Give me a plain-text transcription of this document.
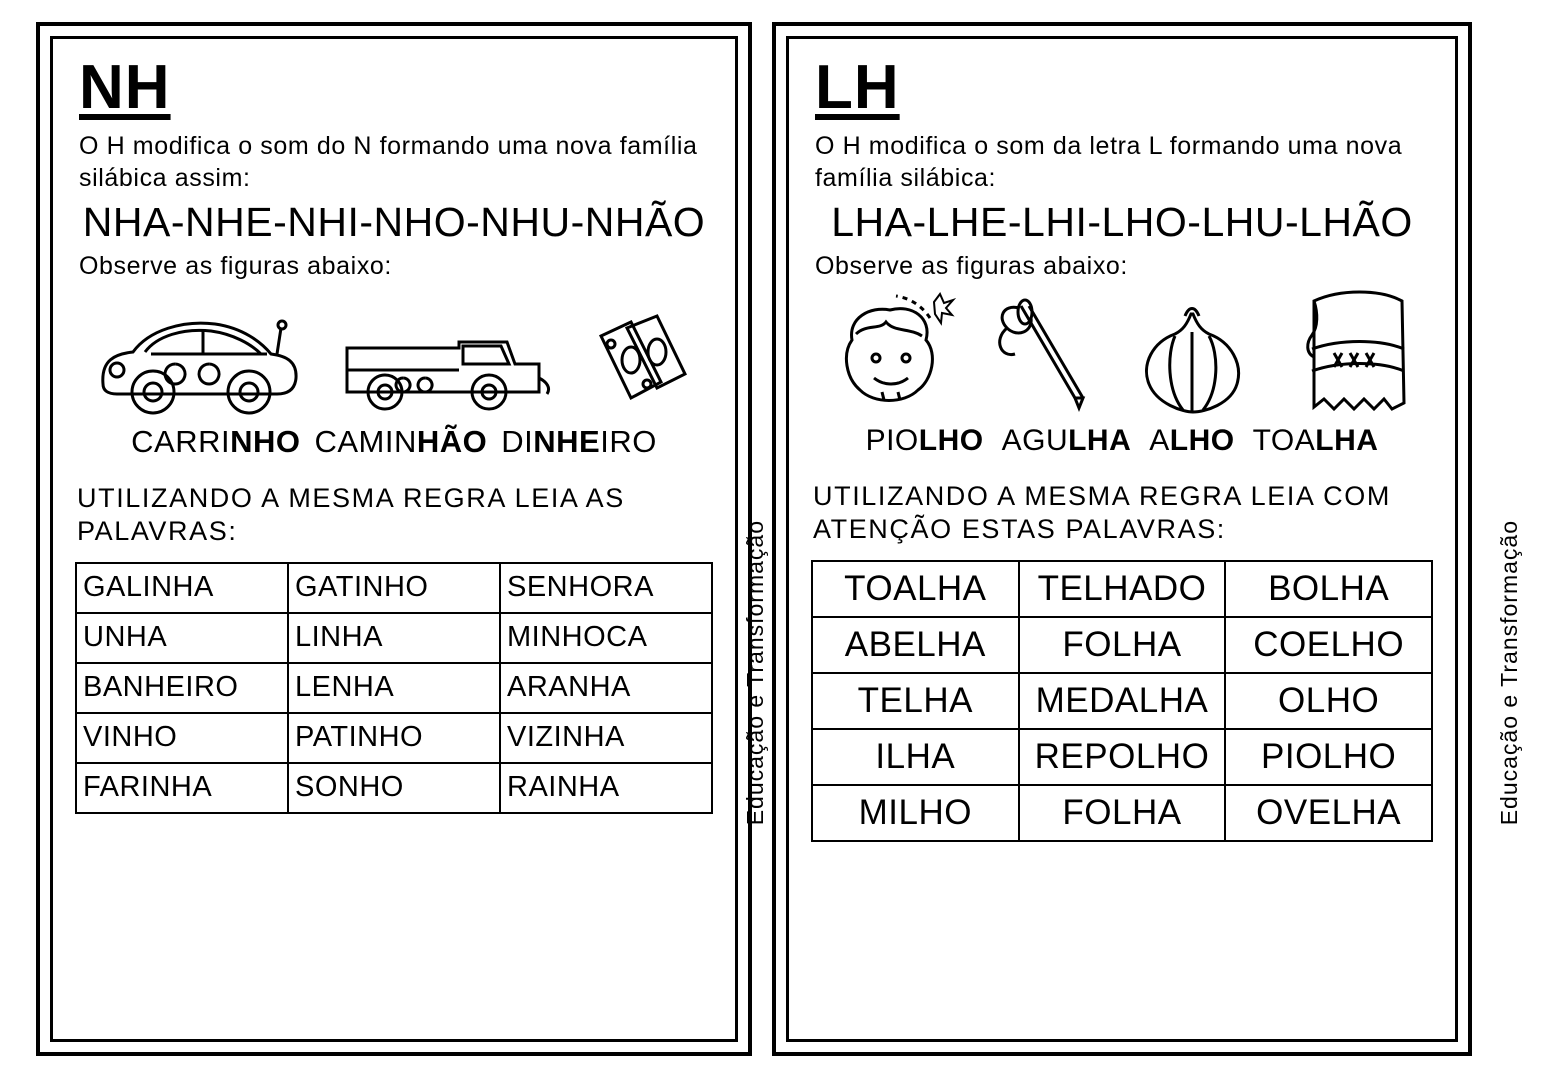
NH
O H modifica o som do N formando uma nova família silábica assim:
NHA-NHE-NHI-NHO-NHU-NHÃO
Observe as figuras abaixo:
CARRINHO CAMINHÃO DINHEIRO
UTILIZANDO A MESMA REGRA LEIA AS PALAVRAS:
GALINHA	GATINHO	SENHORA
UNHA	LINHA	MINHOCA
BANHEIRO	LENHA	ARANHA
VINHO	PATINHO	VIZINHA
FARINHA	SONHO	RAINHA
LH
O H modifica o som da letra L formando uma nova família silábica:
LHA-LHE-LHI-LHO-LHU-LHÃO
Observe as figuras abaixo:
PIOLHO AGULHA ALHO TOALHA
UTILIZANDO A MESMA REGRA LEIA COM ATENÇÃO ESTAS PALAVRAS:
TOALHA	TELHADO	BOLHA
ABELHA	FOLHA	COELHO
TELHA	MEDALHA	OLHO
ILHA	REPOLHO	PIOLHO
MILHO	FOLHA	OVELHA
Educação e Transformação	Educação e Transformação
